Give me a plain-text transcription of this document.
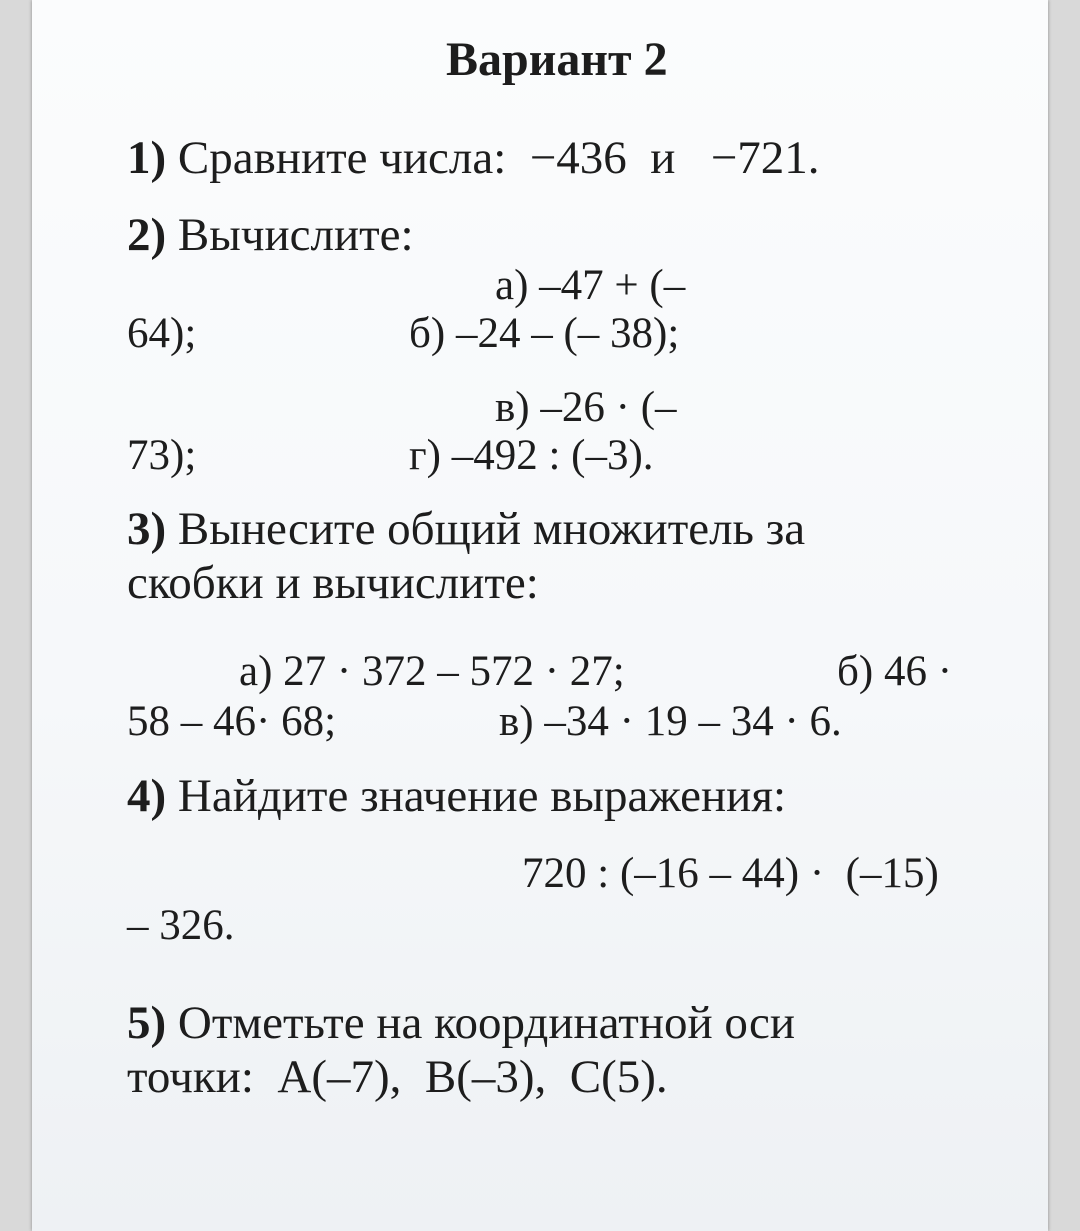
Вариант 2
1) Сравните числа:  −436  и   −721.
2) Вычислите:
а) –47 + (–
64);	б) –24 – (– 38);
в) –26 · (–
73);	г) –492 : (–3).
3) Вынесите общий множитель за
скобки и вычислите:
а) 27 · 372 – 572 · 27;	б) 46 ·
58 – 46· 68;	в) –34 · 19 – 34 · 6.
4) Найдите значение выражения:
720 : (–16 – 44) ·  (–15)
– 326.
5) Отметьте на координатной оси
точки:  А(–7),  В(–3),  С(5).
